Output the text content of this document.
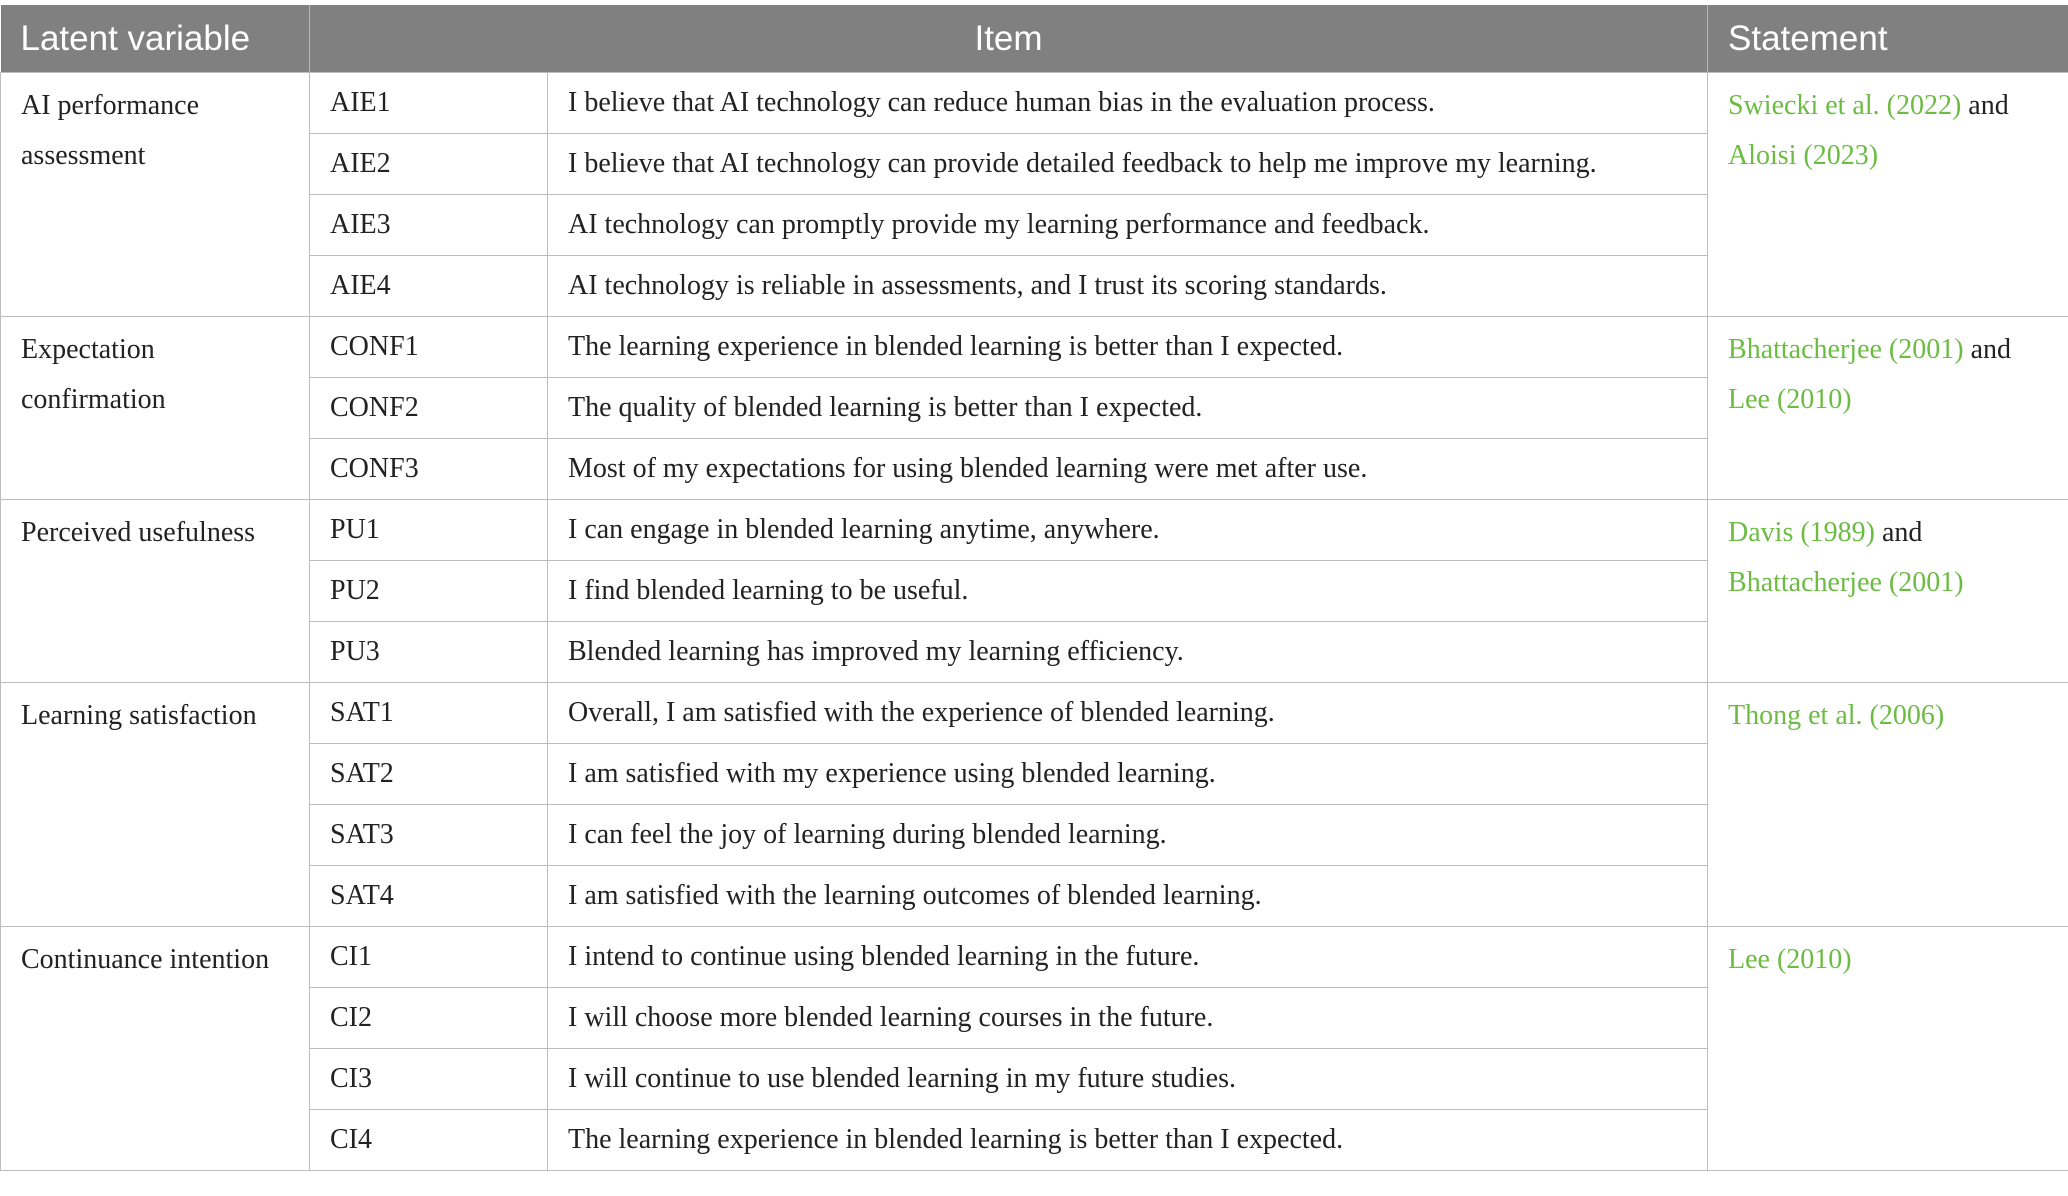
Latent variable	Item		Statement
AI performance assessment	AIE1	I believe that AI technology can reduce human bias in the evaluation process.	Swiecki et al. (2022) and
Aloisi (2023)
	AIE2	I believe that AI technology can provide detailed feedback to help me improve my learning.	
	AIE3	AI technology can promptly provide my learning performance and feedback.	
	AIE4	AI technology is reliable in assessments, and I trust its scoring standards.	
Expectation confirmation	CONF1	The learning experience in blended learning is better than I expected.	Bhattacherjee (2001) and
Lee (2010)
	CONF2	The quality of blended learning is better than I expected.	
	CONF3	Most of my expectations for using blended learning were met after use.	
Perceived usefulness	PU1	I can engage in blended learning anytime, anywhere.	Davis (1989) and
Bhattacherjee (2001)
	PU2	I find blended learning to be useful.	
	PU3	Blended learning has improved my learning efficiency.	
Learning satisfaction	SAT1	Overall, I am satisfied with the experience of blended learning.	Thong et al. (2006)
	SAT2	I am satisfied with my experience using blended learning.	
	SAT3	I can feel the joy of learning during blended learning.	
	SAT4	I am satisfied with the learning outcomes of blended learning.	
Continuance intention	CI1	I intend to continue using blended learning in the future.	Lee (2010)
	CI2	I will choose more blended learning courses in the future.	
	CI3	I will continue to use blended learning in my future studies.	
	CI4	The learning experience in blended learning is better than I expected.	
